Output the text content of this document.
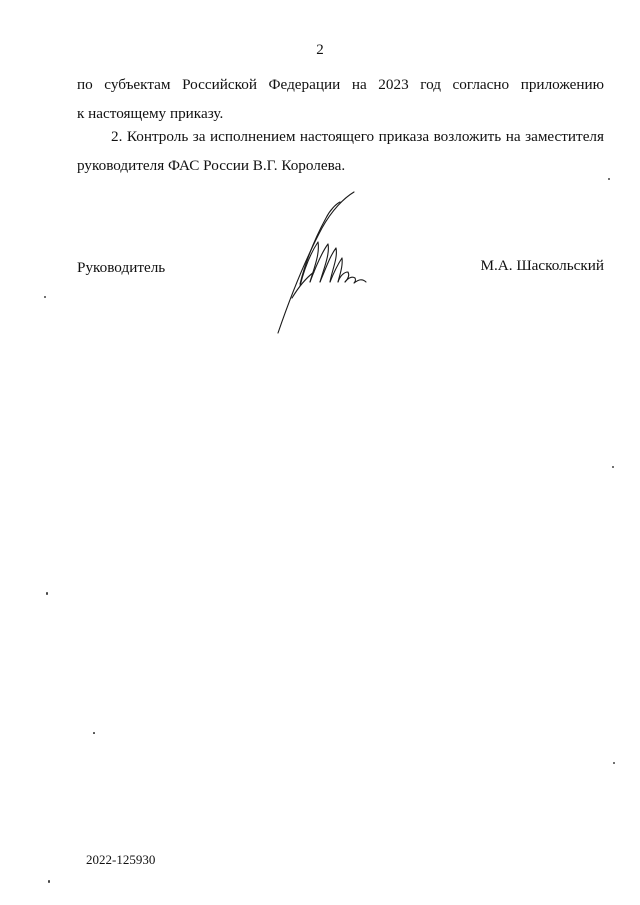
2
по субъектам Российской Федерации на 2023 год согласно приложению
к настоящему приказу.
2. Контроль за исполнением настоящего приказа возложить на заместителя
руководителя ФАС России В.Г. Королева.
Руководитель	М.А. Шаскольский
2022-125930
